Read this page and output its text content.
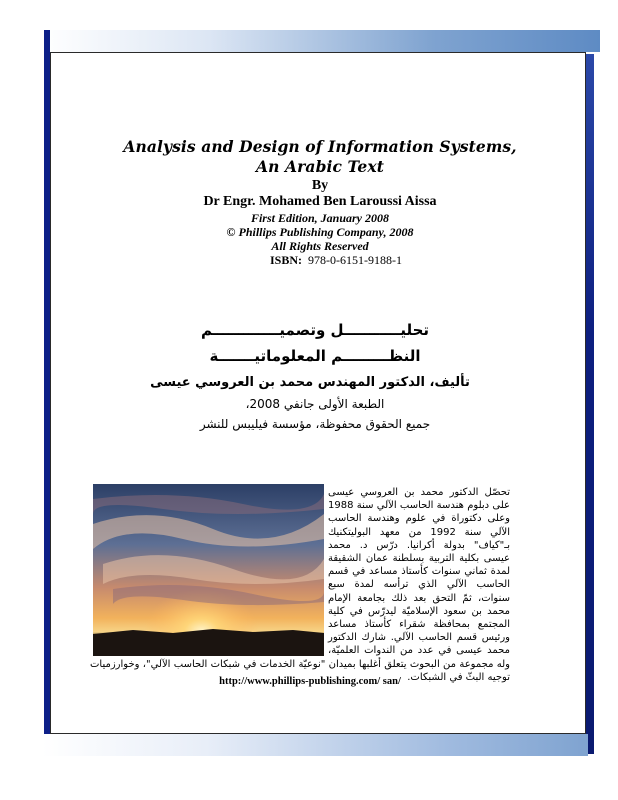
Analysis and Design of Information Systems,
An Arabic Text
By
Dr Engr. Mohamed Ben Laroussi Aissa
First Edition, January 2008
© Phillips Publishing Company, 2008
All Rights Reserved
ISBN: 978-0-6151-9188-1
تحليـــــــــــل وتصميـــــــــــــم
النظـــــــــم المعلوماتيـــــــة
تأليف، الدكتور المهندس محمد بن العروسي عيسى
الطبعة الأولى جانفي 2008،
جميع الحقوق محفوظة، مؤسسة فيليبس للنشر
تحصّل الدكتور محمد بن العروسي عيسى على دبلوم هندسة الحاسب الآلي سنة 1988 وعلى دكتوراة في علوم وهندسة الحاسب الآلي سنة 1992 من معهد البوليتكنيك بـ"كياف" بدولة أكرانيا. درّس د. محمد عيسى بكلية التربية بسلطنة عمان الشقيقة لمدة ثماني سنوات كأستاذ مساعد في قسم الحاسب الآلي الذي ترأسه لمدة سبع سنوات، ثمّ التحق بعد ذلك بجامعة الإمام محمد بن سعود الإسلاميّة ليدرّس في كلية المجتمع بمحافظة شقراء كأستاذ مساعد ورئيس قسم الحاسب الآلي. شارك الدكتور محمد عيسى في عدد من الندوات العلميّة، وله مجموعة من البحوث يتعلق أغلبها بميدان "نوعيّة الخدمات في شبكات الحاسب الآلي"، وخوارزميات توجيه البثّ في الشبكات.
http://www.phillips-publishing.com/ san/
